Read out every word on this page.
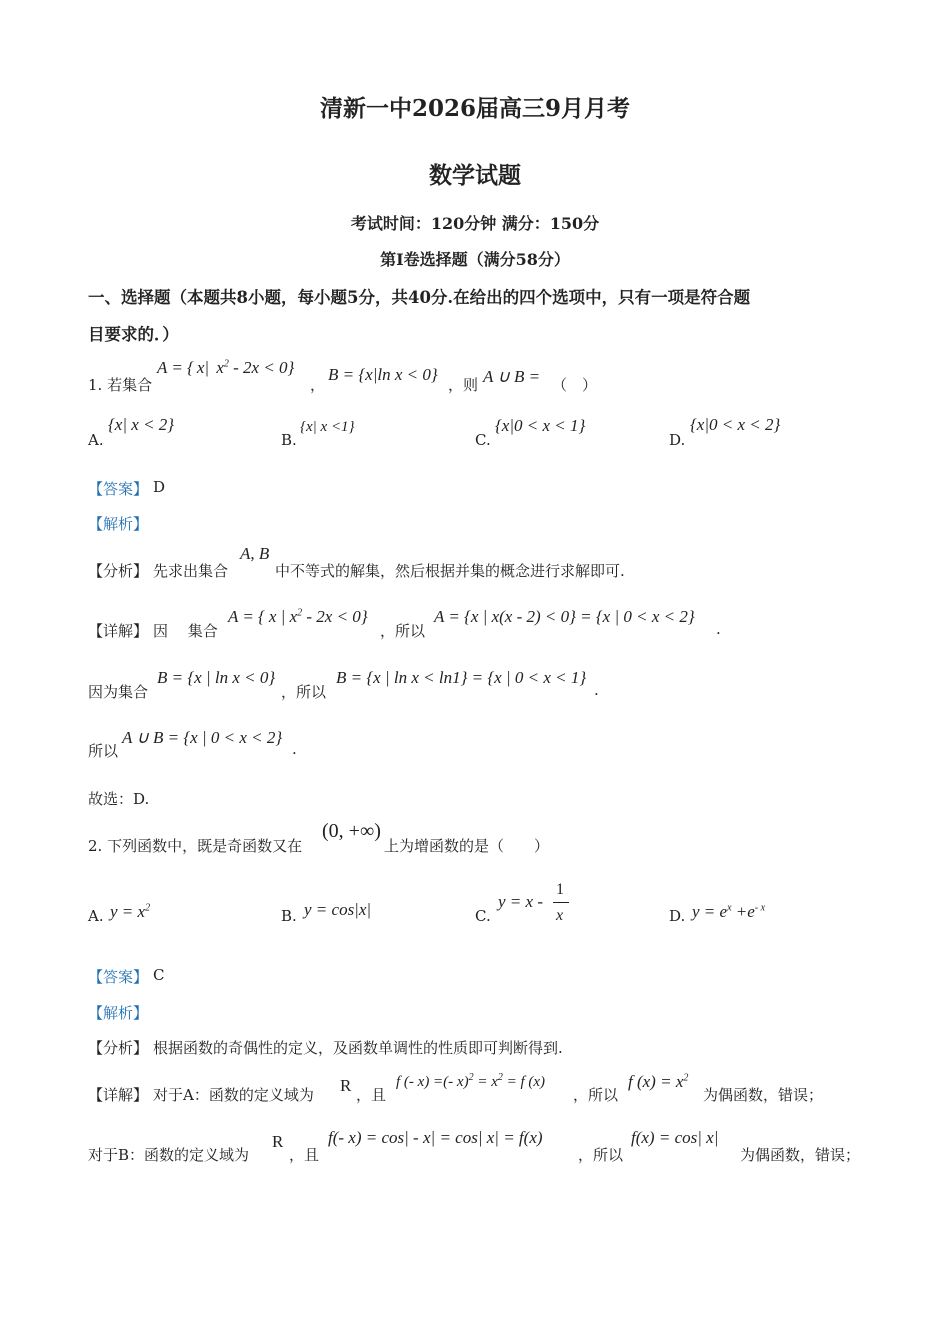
清新一中2026届高三9月月考
数学试题
考试时间：120分钟 满分：150分
第I卷选择题（满分58分）
一、选择题（本题共8小题，每小题5分，共40分.在给出的四个选项中，只有一项是符合题
目要求的．）
1. 若集合
A = { x| $x^2 - 2x < 0$}
，
B = {x|ln x < 0}
，则 A ∪ B = （　）
A.
{x| x < 2}
B.
{x| x <1}
C.
{x|0 < x < 1}
D.
{x|0 < x < 2}
【答案】 D
【解析】
【分析】 先求出集合
A, B
中不等式的解集，然后根据并集的概念进行求解即可.
【详解】 因　 集合
A = { x | $x^2 - 2x < 0$}
，所以
A = {x | x(x - 2) < 0} = {x | 0 < x < 2}
.
因为集合
B = {x | ln x < 0}
，所以
B = {x | ln x < ln1} = {x | 0 < x < 1}
.
所以
A ∪ B = {x | 0 < x < 2}
.
故选：D.
2. 下列函数中，既是奇函数又在
(0, +∞)
上为增函数的是（　　）
A. $y = x^2$	B. y = cos|x|	C.
y = x -
1
x	D. $y = e^x +e^{- x}$
【答案】 C
【解析】
【分析】 根据函数的奇偶性的定义，及函数单调性的性质即可判断得到.
【详解】 对于A：函数的定义域为 R ，且
f (- x) =(- $x)^2 = x^2 = f$ (x)
，所以
f $(x) = x^2$
为偶函数，错误；
对于B：函数的定义域为
R
，且
f(- x) = cos| - x| = cos| x| = f(x)
，所以
f(x) = cos| x|
为偶函数，错误；
